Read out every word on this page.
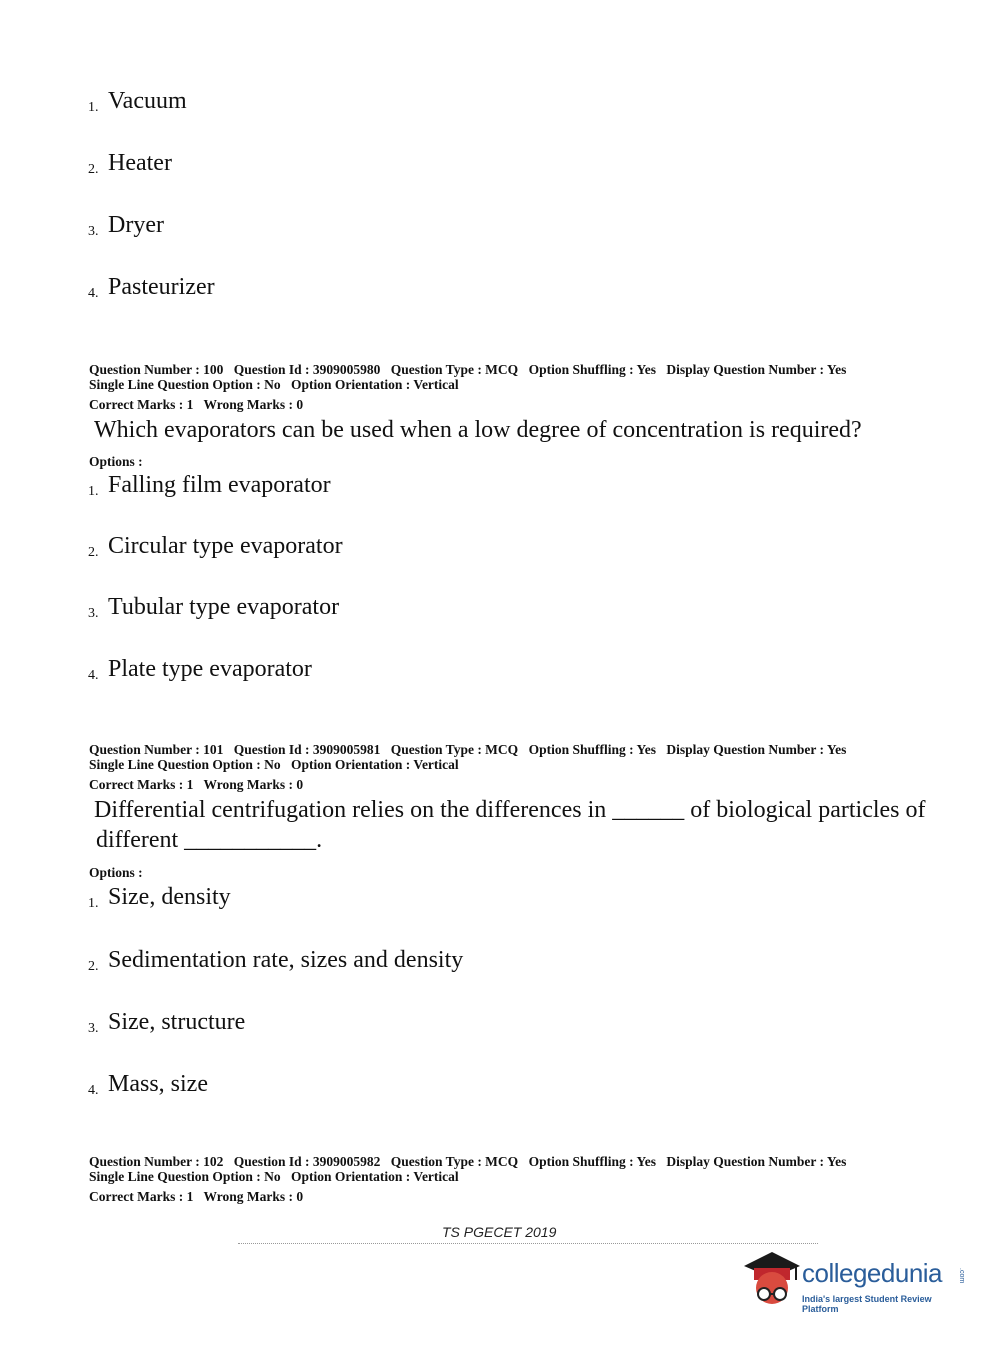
1. Vacuum
2. Heater
3. Dryer
4. Pasteurizer
Question Number : 100 Question Id : 3909005980 Question Type : MCQ Option Shuffling : Yes Display Question Number : Yes
Single Line Question Option : No Option Orientation : Vertical
Correct Marks : 1 Wrong Marks : 0
Which evaporators can be used when a low degree of concentration is required?
Options :
1. Falling film evaporator
2. Circular type evaporator
3. Tubular type evaporator
4. Plate type evaporator
Question Number : 101 Question Id : 3909005981 Question Type : MCQ Option Shuffling : Yes Display Question Number : Yes
Single Line Question Option : No Option Orientation : Vertical
Correct Marks : 1 Wrong Marks : 0
Differential centrifugation relies on the differences in ______ of biological particles of
different ___________.
Options :
1. Size, density
2. Sedimentation rate, sizes and density
3. Size, structure
4. Mass, size
Question Number : 102 Question Id : 3909005982 Question Type : MCQ Option Shuffling : Yes Display Question Number : Yes
Single Line Question Option : No Option Orientation : Vertical
Correct Marks : 1 Wrong Marks : 0
TS PGECET 2019
collegedunia .com
India's largest Student Review Platform
